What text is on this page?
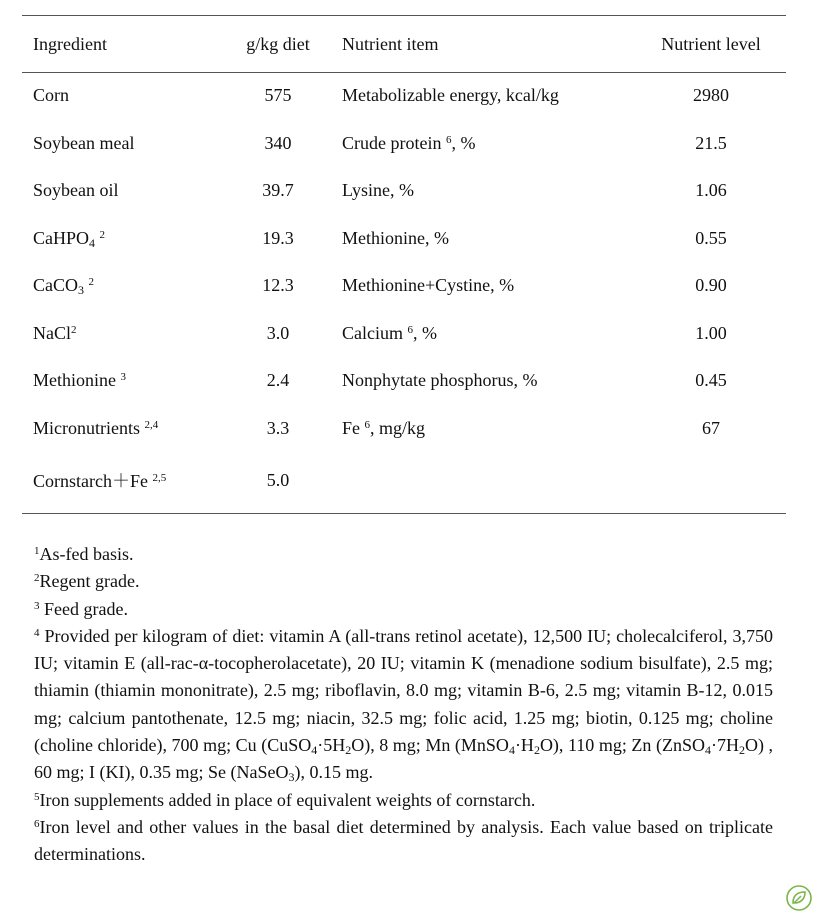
Ingredient	g/kg diet	Nutrient item	Nutrient level
Corn	575	Metabolizable energy, kcal/kg	2980
Soybean meal	340	Crude protein $^6$, %	21.5
Soybean oil	39.7	Lysine, %	1.06
CaHPO$_4$ $^2$	19.3	Methionine, %	0.55
CaCO$_3$ $^2$	12.3	Methionine+Cystine, %	0.90
NaCl$^2$	3.0	Calcium $^6$, %	1.00
Methionine $^3$	2.4	Nonphytate phosphorus, %	0.45
Micronutrients $^{2,4}$	3.3	Fe $^6$, mg/kg	67
Cornstarch＋Fe $^{2,5}$	5.0		

$^1$As-fed basis.

$^2$Regent grade.

$^3$ Feed grade.

$^4$ Provided per kilogram of diet: vitamin A (all-trans retinol acetate), 12,500 IU; cholecalciferol, 3,750 IU; vitamin E (all-rac-α-tocopherolacetate), 20 IU; vitamin K (menadione sodium bisulfate), 2.5 mg; thiamin (thiamin mononitrate), 2.5 mg; riboflavin, 8.0 mg; vitamin B-6, 2.5 mg; vitamin B-12, 0.015 mg; calcium pantothenate, 12.5 mg; niacin, 32.5 mg; folic acid, 1.25 mg; biotin, 0.125 mg; choline (choline chloride), 700 mg; Cu $(CuSO_4\cdot 5H_2O)$, 8 mg; Mn $(MnSO_4\cdot H_2O)$, 110 mg; Zn $(ZnSO_4\cdot 7H_2O)$ , 60 mg; I (KI), 0.35 mg; Se (NaSeO$_3$), 0.15 mg.

$^5$Iron supplements added in place of equivalent weights of cornstarch.

$^6$Iron level and other values in the basal diet determined by analysis. Each value based on triplicate determinations.
